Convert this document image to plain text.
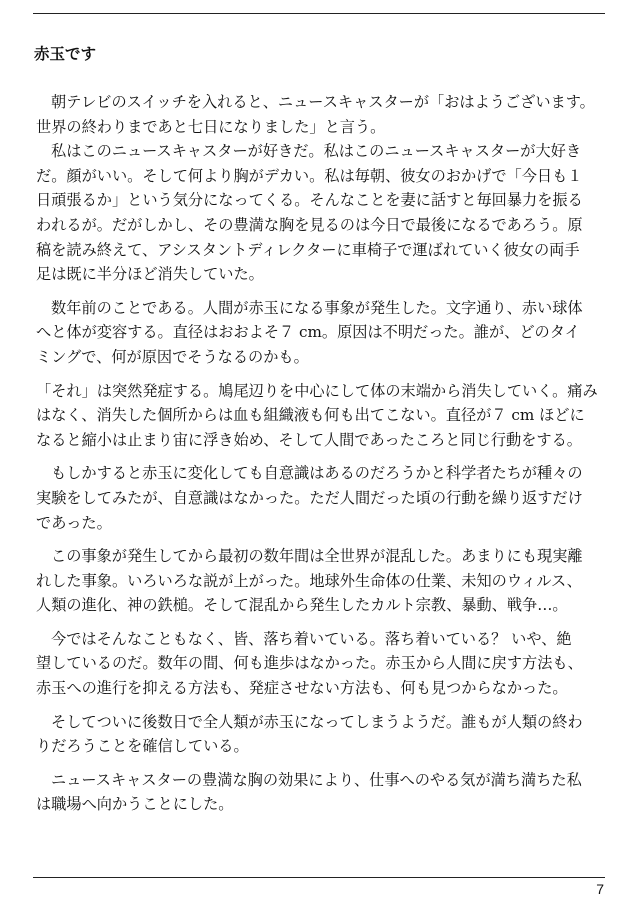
赤玉です
朝テレビのスイッチを入れると、ニュースキャスターが「おはようございます。
世界の終わりまであと七日になりました」と言う。
私はこのニュースキャスターが好きだ。私はこのニュースキャスターが大好き
だ。顔がいい。そして何より胸がデカい。私は毎朝、彼女のおかげで「今日も１
日頑張るか」という気分になってくる。そんなことを妻に話すと毎回暴力を振る
われるが。だがしかし、その豊満な胸を見るのは今日で最後になるであろう。原
稿を読み終えて、アシスタントディレクターに車椅子で運ばれていく彼女の両手
足は既に半分ほど消失していた。
数年前のことである。人間が赤玉になる事象が発生した。文字通り、赤い球体
へと体が変容する。直径はおおよそ７ cm。原因は不明だった。誰が、どのタイ
ミングで、何が原因でそうなるのかも。
「それ」は突然発症する。鳩尾辺りを中心にして体の末端から消失していく。痛み
はなく、消失した個所からは血も組織液も何も出てこない。直径が７ cm ほどに
なると縮小は止まり宙に浮き始め、そして人間であったころと同じ行動をする。
もしかすると赤玉に変化しても自意識はあるのだろうかと科学者たちが種々の
実験をしてみたが、自意識はなかった。ただ人間だった頃の行動を繰り返すだけ
であった。
この事象が発生してから最初の数年間は全世界が混乱した。あまりにも現実離
れした事象。いろいろな説が上がった。地球外生命体の仕業、未知のウィルス、
人類の進化、神の鉄槌。そして混乱から発生したカルト宗教、暴動、戦争…。
今ではそんなこともなく、皆、落ち着いている。落ち着いている？ いや、絶
望しているのだ。数年の間、何も進歩はなかった。赤玉から人間に戻す方法も、
赤玉への進行を抑える方法も、発症させない方法も、何も見つからなかった。
そしてついに後数日で全人類が赤玉になってしまうようだ。誰もが人類の終わ
りだろうことを確信している。
ニュースキャスターの豊満な胸の効果により、仕事へのやる気が満ち満ちた私
は職場へ向かうことにした。
7
